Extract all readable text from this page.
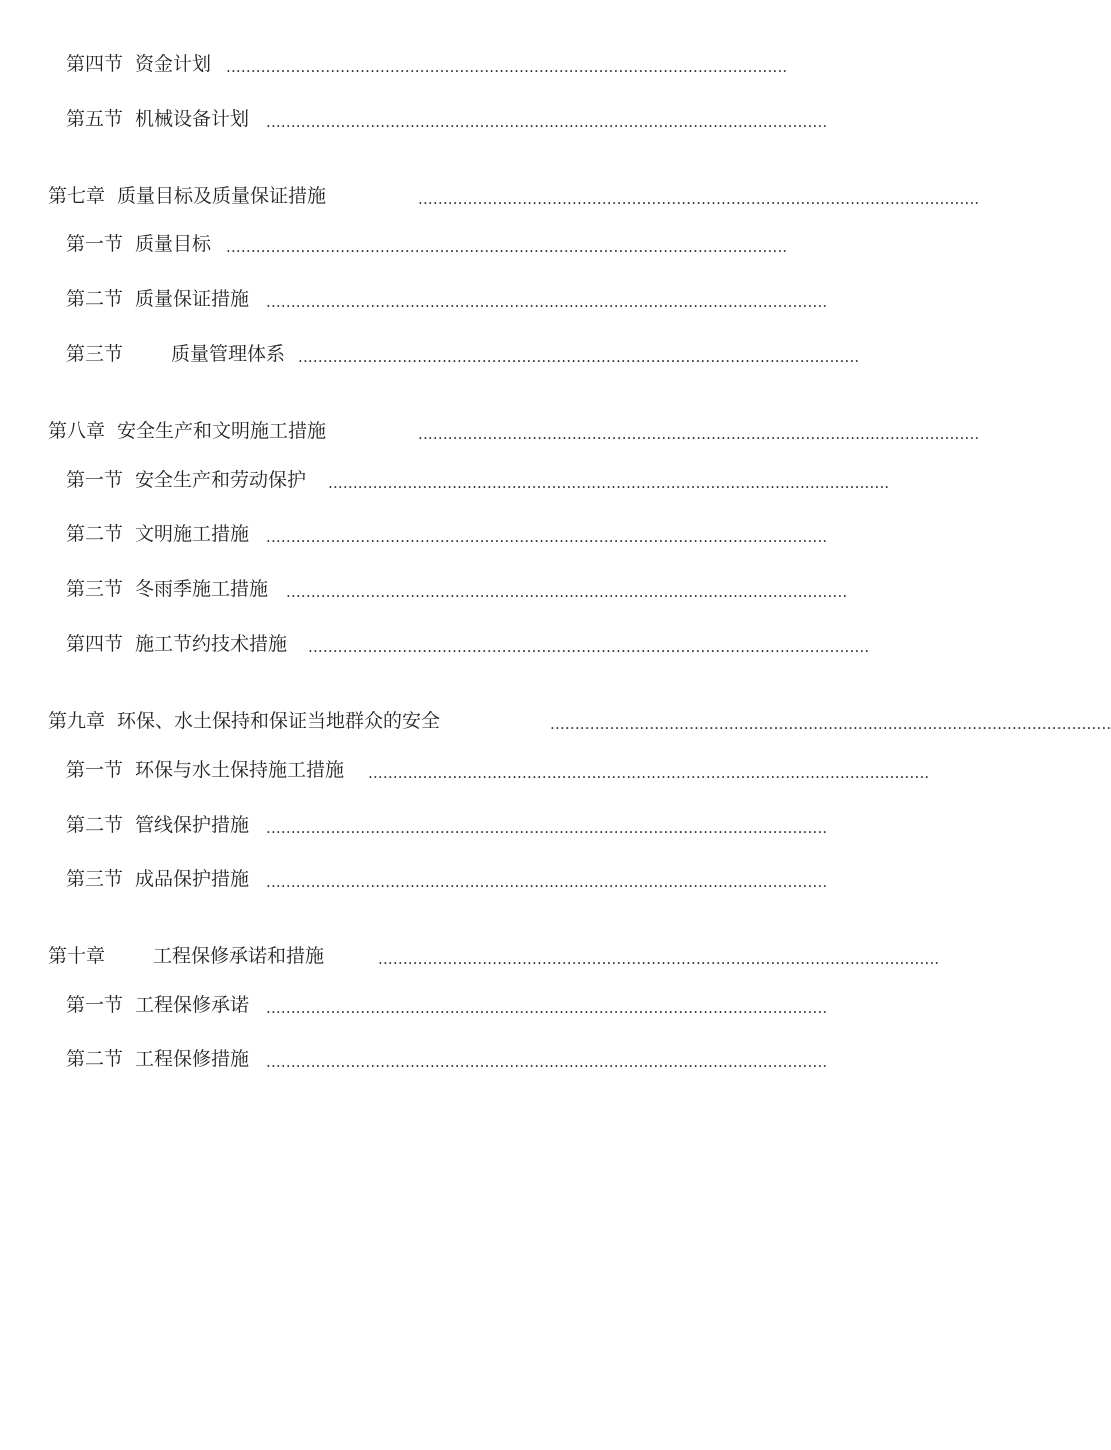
第四节 资金计划 .................................................................................................................
第五节 机械设备计划 .................................................................................................................
第七章 质量目标及质量保证措施	.................................................................................................................
第一节 质量目标 .................................................................................................................
第二节 质量保证措施 .................................................................................................................
第三节	质量管理体系 .................................................................................................................
第八章 安全生产和文明施工措施	.................................................................................................................
第一节 安全生产和劳动保护 .................................................................................................................
第二节 文明施工措施 .................................................................................................................
第三节 冬雨季施工措施 .................................................................................................................
第四节 施工节约技术措施 .................................................................................................................
第九章 环保、水土保持和保证当地群众的安全	.................................................................................................................
第一节 环保与水土保持施工措施 .................................................................................................................
第二节 管线保护措施 .................................................................................................................
第三节 成品保护措施 .................................................................................................................
第十章	工程保修承诺和措施	.................................................................................................................
第一节 工程保修承诺 .................................................................................................................
第二节 工程保修措施 .................................................................................................................
